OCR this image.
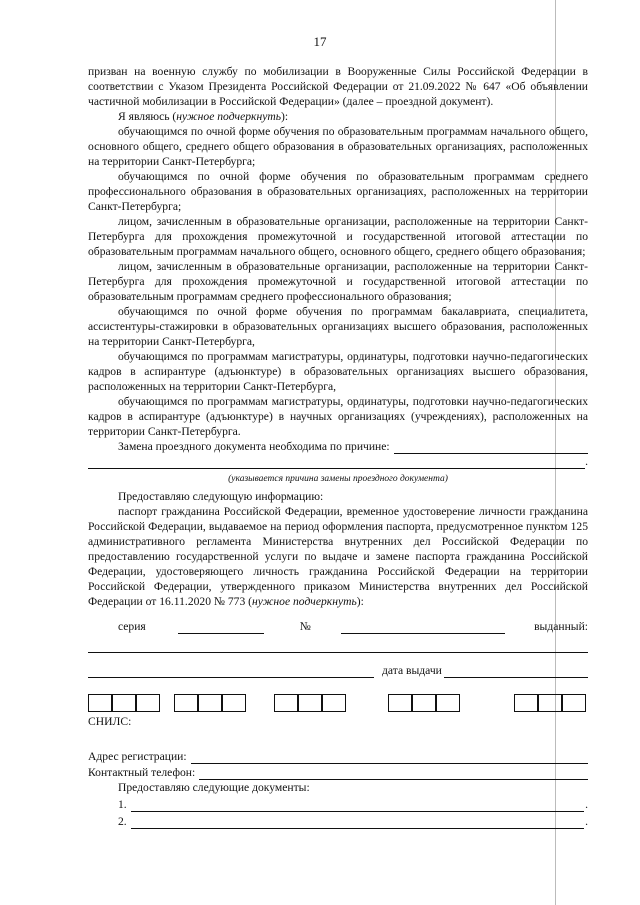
17

призван на военную службу по мобилизации в Вооруженные Силы Российской Федерации в соответствии с Указом Президента Российской Федерации от 21.09.2022 № 647 «Об объявлении частичной мобилизации в Российской Федерации» (далее – проездной документ).

Я являюсь (нужное подчеркнуть):

обучающимся по очной форме обучения по образовательным программам начального общего, основного общего, среднего общего образования в образовательных организациях, расположенных на территории Санкт-Петербурга;

обучающимся по очной форме обучения по образовательным программам среднего профессионального образования в образовательных организациях, расположенных на территории Санкт-Петербурга;

лицом, зачисленным в образовательные организации, расположенные на территории Санкт-Петербурга для прохождения промежуточной и государственной итоговой аттестации по образовательным программам начального общего, основного общего, среднего общего образования;

лицом, зачисленным в образовательные организации, расположенные на территории Санкт-Петербурга для прохождения промежуточной и государственной итоговой аттестации по образовательным программам среднего профессионального образования;

обучающимся по очной форме обучения по программам бакалавриата, специалитета, ассистентуры-стажировки в образовательных организациях высшего образования, расположенных на территории Санкт-Петербурга,

обучающимся по программам магистратуры, ординатуры, подготовки научно-педагогических кадров в аспирантуре (адъюнктуре) в образовательных организациях высшего образования, расположенных на территории Санкт-Петербурга,

обучающимся по программам магистратуры, ординатуры, подготовки научно-педагогических кадров в аспирантуре (адъюнктуре) в научных организациях (учреждениях), расположенных на территории Санкт-Петербурга.

Замена проездного документа необходима по причине:
.
(указывается причина замены проездного документа)

Предоставляю следующую информацию:

паспорт гражданина Российской Федерации, временное удостоверение личности гражданина Российской Федерации, выдаваемое на период оформления паспорта, предусмотренное пунктом 125 административного регламента Министерства внутренних дел Российской Федерации по предоставлению государственной услуги по выдаче и замене паспорта гражданина Российской Федерации, удостоверяющего личность гражданина Российской Федерации на территории Российской Федерации, утвержденного приказом Министерства внутренних дел Российской Федерации от 16.11.2020 № 773 (нужное подчеркнуть):

серия	№	выданный:
дата выдачи
СНИЛС:
Адрес регистрации:
Контактный телефон:

Предоставляю следующие документы:

1.	.
2.	.
